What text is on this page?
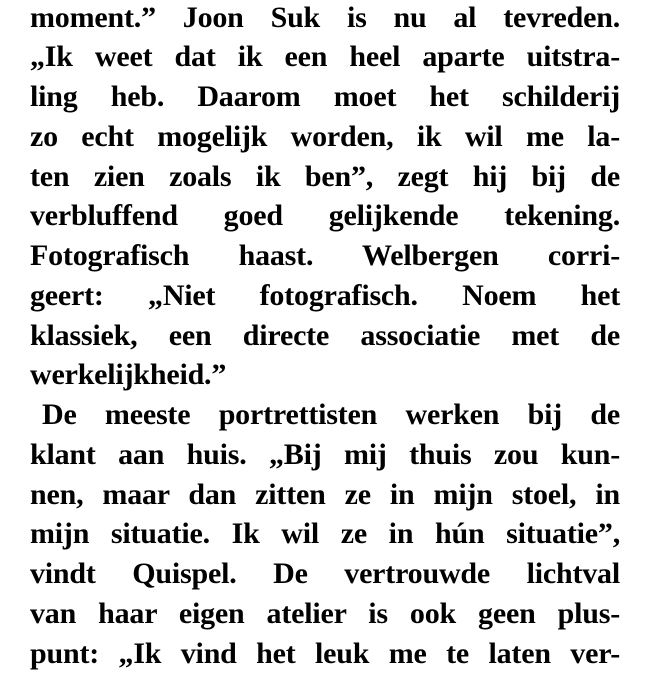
moment.” Joon Suk is nu al tevreden.
„Ik weet dat ik een heel aparte uitstra-
ling heb. Daarom moet het schilderij
zo echt mogelijk worden, ik wil me la-
ten zien zoals ik ben”, zegt hij bij de
verbluffend goed gelijkende tekening.
Fotografisch haast. Welbergen corri-
geert: „Niet fotografisch. Noem het
klassiek, een directe associatie met de
werkelijkheid.”
De meeste portrettisten werken bij de
klant aan huis. „Bij mij thuis zou kun-
nen, maar dan zitten ze in mijn stoel, in
mijn situatie. Ik wil ze in hún situatie”,
vindt Quispel. De vertrouwde lichtval
van haar eigen atelier is ook geen plus-
punt: „Ik vind het leuk me te laten ver-
